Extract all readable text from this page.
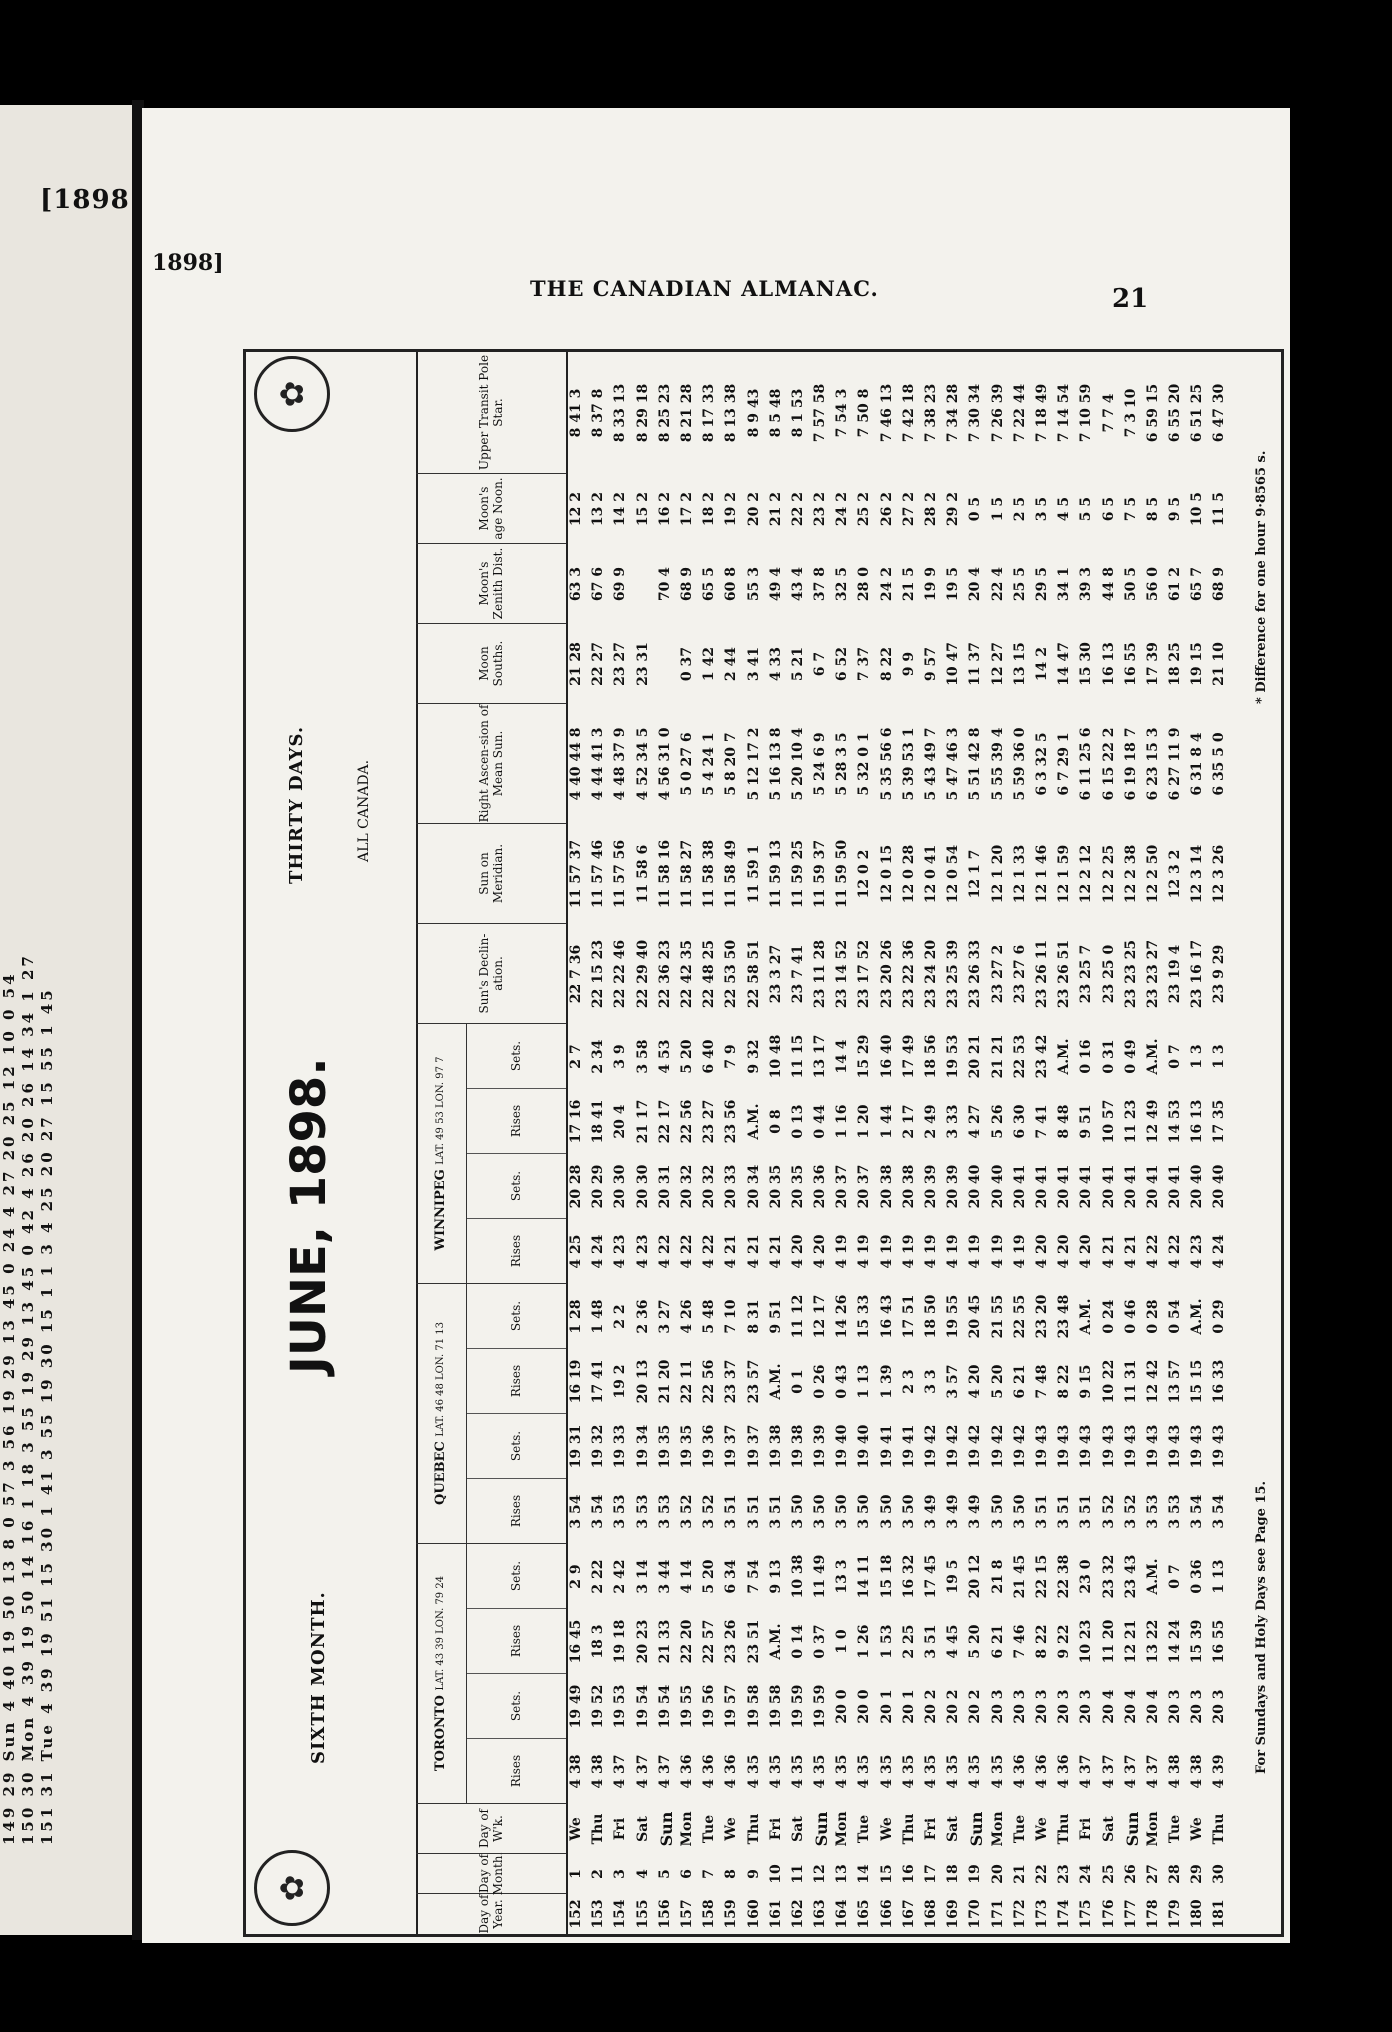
[1898
149 29 Sun 4 40 19 50 13 8 0 57 3 56 19 29 13 45 0 24 4 27 20 25 12 10 0 54 150 30 Mon 4 39 19 50 14 16 1 18 3 55 19 29 13 45 0 42 4 26 20 26 14 34 1 27 151 31 Tue 4 39 19 51 15 30 1 41 3 55 19 30 15 1 1 3 4 25 20 27 15 55 1 45
1898]
THE CANADIAN ALMANAC.	21
✿
✿
SIXTH MONTH.
JUNE, 1898.
THIRTY DAYS.	ALL CANADA.
Day of Year.
Day of Month.
Day of W'k.
TORONTO

LAT. 43 39 LON. 79 24
Rises
Sets.
Rises
Sets.
QUEBEC

LAT. 46 48 LON. 71 13
Rises
Sets.
Rises
Sets.
WINNIPEG

LAT. 49 53 LON. 97 7
Rises
Sets.
Rises
Sets.
Sun's Declin-ation.
Sun on Meridian.
Right Ascen-sion of Mean Sun.
Moon Souths.
Moon's Zenith Dist.
Moon's age Noon.
Upper Transit Pole Star.
152
1
We
4 38
19 49
16 45
2 9
3 54
19 31
16 19
1 28
4 25
20 28
17 16
2 7
22 7 36
11 57 37
4 40 44 8
21 28
63 3
12 2
8 41 3
153
2
Thu
4 38
19 52
18 3
2 22
3 54
19 32
17 41
1 48
4 24
20 29
18 41
2 34
22 15 23
11 57 46
4 44 41 3
22 27
67 6
13 2
8 37 8
154
3
Fri
4 37
19 53
19 18
2 42
3 53
19 33
19 2
2 2
4 23
20 30
20 4
3 9
22 22 46
11 57 56
4 48 37 9
23 27
69 9
14 2
8 33 13
155
4
Sat
4 37
19 54
20 23
3 14
3 53
19 34
20 13
2 36
4 23
20 30
21 17
3 58
22 29 40
11 58 6
4 52 34 5
23 31
15 2
8 29 18
156
5
Sun
4 37
19 54
21 33
3 44
3 53
19 35
21 20
3 27
4 22
20 31
22 17
4 53
22 36 23
11 58 16
4 56 31 0
70 4
16 2
8 25 23
157
6
Mon
4 36
19 55
22 20
4 14
3 52
19 35
22 11
4 26
4 22
20 32
22 56
5 20
22 42 35
11 58 27
5 0 27 6
0 37
68 9
17 2
8 21 28
158
7
Tue
4 36
19 56
22 57
5 20
3 52
19 36
22 56
5 48
4 22
20 32
23 27
6 40
22 48 25
11 58 38
5 4 24 1
1 42
65 5
18 2
8 17 33
159
8
We
4 36
19 57
23 26
6 34
3 51
19 37
23 37
7 10
4 21
20 33
23 56
7 9
22 53 50
11 58 49
5 8 20 7
2 44
60 8
19 2
8 13 38
160
9
Thu
4 35
19 58
23 51
7 54
3 51
19 37
23 57
8 31
4 21
20 34
A.M.
9 32
22 58 51
11 59 1
5 12 17 2
3 41
55 3
20 2
8 9 43
161
10
Fri
4 35
19 58
A.M.
9 13
3 51
19 38
A.M.
9 51
4 21
20 35
0 8
10 48
23 3 27
11 59 13
5 16 13 8
4 33
49 4
21 2
8 5 48
162
11
Sat
4 35
19 59
0 14
10 38
3 50
19 38
0 1
11 12
4 20
20 35
0 13
11 15
23 7 41
11 59 25
5 20 10 4
5 21
43 4
22 2
8 1 53
163
12
Sun
4 35
19 59
0 37
11 49
3 50
19 39
0 26
12 17
4 20
20 36
0 44
13 17
23 11 28
11 59 37
5 24 6 9
6 7
37 8
23 2
7 57 58
164
13
Mon
4 35
20 0
1 0
13 3
3 50
19 40
0 43
14 26
4 19
20 37
1 16
14 4
23 14 52
11 59 50
5 28 3 5
6 52
32 5
24 2
7 54 3
165
14
Tue
4 35
20 0
1 26
14 11
3 50
19 40
1 13
15 33
4 19
20 37
1 20
15 29
23 17 52
12 0 2
5 32 0 1
7 37
28 0
25 2
7 50 8
166
15
We
4 35
20 1
1 53
15 18
3 50
19 41
1 39
16 43
4 19
20 38
1 44
16 40
23 20 26
12 0 15
5 35 56 6
8 22
24 2
26 2
7 46 13
167
16
Thu
4 35
20 1
2 25
16 32
3 50
19 41
2 3
17 51
4 19
20 38
2 17
17 49
23 22 36
12 0 28
5 39 53 1
9 9
21 5
27 2
7 42 18
168
17
Fri
4 35
20 2
3 51
17 45
3 49
19 42
3 3
18 50
4 19
20 39
2 49
18 56
23 24 20
12 0 41
5 43 49 7
9 57
19 9
28 2
7 38 23
169
18
Sat
4 35
20 2
4 45
19 5
3 49
19 42
3 57
19 55
4 19
20 39
3 33
19 53
23 25 39
12 0 54
5 47 46 3
10 47
19 5
29 2
7 34 28
170
19
Sun
4 35
20 2
5 20
20 12
3 49
19 42
4 20
20 45
4 19
20 40
4 27
20 21
23 26 33
12 1 7
5 51 42 8
11 37
20 4
0 5
7 30 34
171
20
Mon
4 35
20 3
6 21
21 8
3 50
19 42
5 20
21 55
4 19
20 40
5 26
21 21
23 27 2
12 1 20
5 55 39 4
12 27
22 4
1 5
7 26 39
172
21
Tue
4 36
20 3
7 46
21 45
3 50
19 42
6 21
22 55
4 19
20 41
6 30
22 53
23 27 6
12 1 33
5 59 36 0
13 15
25 5
2 5
7 22 44
173
22
We
4 36
20 3
8 22
22 15
3 51
19 43
7 48
23 20
4 20
20 41
7 41
23 42
23 26 11
12 1 46
6 3 32 5
14 2
29 5
3 5
7 18 49
174
23
Thu
4 36
20 3
9 22
22 38
3 51
19 43
8 22
23 48
4 20
20 41
8 48
A.M.
23 26 51
12 1 59
6 7 29 1
14 47
34 1
4 5
7 14 54
175
24
Fri
4 37
20 3
10 23
23 0
3 51
19 43
9 15
A.M.
4 20
20 41
9 51
0 16
23 25 7
12 2 12
6 11 25 6
15 30
39 3
5 5
7 10 59
176
25
Sat
4 37
20 4
11 20
23 32
3 52
19 43
10 22
0 24
4 21
20 41
10 57
0 31
23 25 0
12 2 25
6 15 22 2
16 13
44 8
6 5
7 7 4
177
26
Sun
4 37
20 4
12 21
23 43
3 52
19 43
11 31
0 46
4 21
20 41
11 23
0 49
23 23 25
12 2 38
6 19 18 7
16 55
50 5
7 5
7 3 10
178
27
Mon
4 37
20 4
13 22
A.M.
3 53
19 43
12 42
0 28
4 22
20 41
12 49
A.M.
23 23 27
12 2 50
6 23 15 3
17 39
56 0
8 5
6 59 15
179
28
Tue
4 38
20 3
14 24
0 7
3 53
19 43
13 57
0 54
4 22
20 41
14 53
0 7
23 19 4
12 3 2
6 27 11 9
18 25
61 2
9 5
6 55 20
180
29
We
4 38
20 3
15 39
0 36
3 54
19 43
15 15
A.M.
4 23
20 40
16 13
1 3
23 16 17
12 3 14
6 31 8 4
19 15
65 7
10 5
6 51 25
181
30
Thu
4 39
20 3
16 55
1 13
3 54
19 43
16 33
0 29
4 24
20 40
17 35
1 3
23 9 29
12 3 26
6 35 5 0
21 10
68 9
11 5
6 47 30
For Sundays and Holy Days see Page 15.
* Difference for one hour 9·8565 s.
